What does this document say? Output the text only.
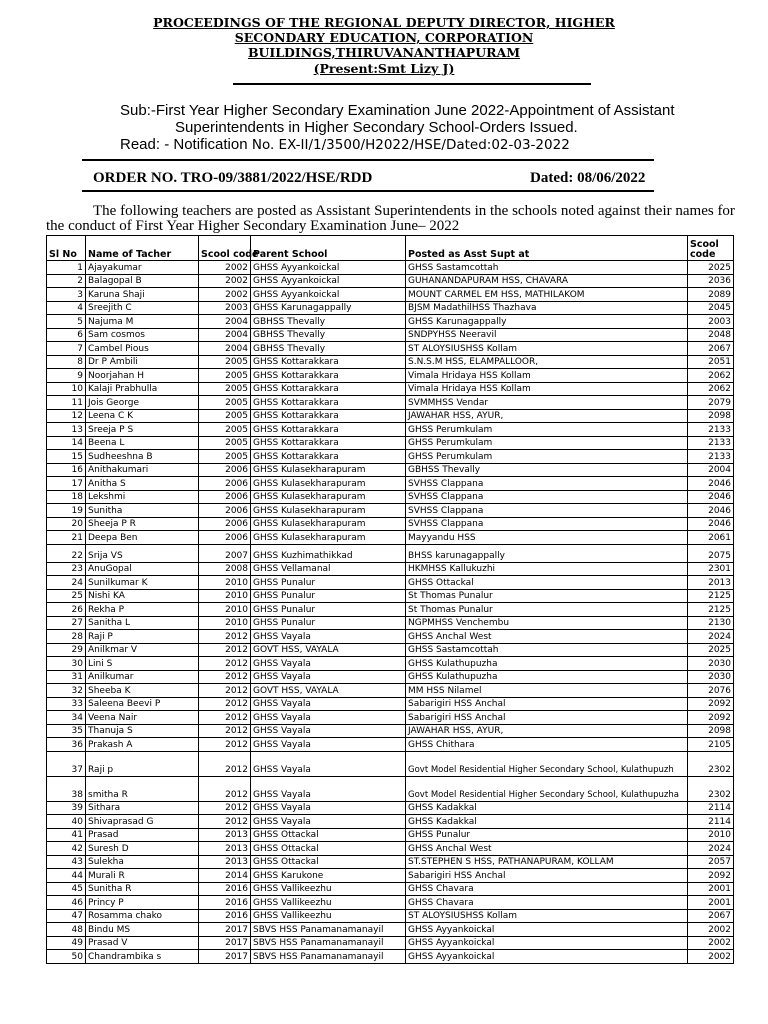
PROCEEDINGS OF THE REGIONAL DEPUTY DIRECTOR, HIGHER
SECONDARY EDUCATION, CORPORATION
BUILDINGS,THIRUVANANTHAPURAM
(Present:Smt Lizy J)
Sub:-First Year Higher Secondary Examination June 2022-Appointment of Assistant
Superintendents in Higher Secondary School-Orders Issued.
Read: - Notification No. EX-II/1/3500/H2022/HSE/Dated:02-03-2022
ORDER NO. TRO-09/3881/2022/HSE/RDD	Dated: 08/06/2022
The following teachers are posted as Assistant Superintendents in the schools noted against their names for the conduct of First Year Higher Secondary Examination June– 2022
Sl No	Name of Tacher	Scool code	Parent School	Posted as Asst Supt at	Scool code
1	Ajayakumar	2002	GHSS Ayyankoickal	GHSS Sastamcottah	2025
2	Balagopal B	2002	GHSS Ayyankoickal	GUHANANDAPURAM HSS, CHAVARA	2036
3	Karuna Shaji	2002	GHSS Ayyankoickal	MOUNT CARMEL EM HSS, MATHILAKOM	2089
4	Sreejith C	2003	GHSS Karunagappally	BJSM MadathilHSS Thazhava	2045
5	Najuma M	2004	GBHSS Thevally	GHSS Karunagappally	2003
6	Sam cosmos	2004	GBHSS Thevally	SNDPYHSS Neeravil	2048
7	Cambel Pious	2004	GBHSS Thevally	ST ALOYSIUSHSS Kollam	2067
8	Dr P Ambili	2005	GHSS Kottarakkara	S.N.S.M HSS, ELAMPALLOOR,	2051
9	Noorjahan H	2005	GHSS Kottarakkara	Vimala Hridaya HSS Kollam	2062
10	Kalaji Prabhulla	2005	GHSS Kottarakkara	Vimala Hridaya HSS Kollam	2062
11	Jois George	2005	GHSS Kottarakkara	SVMMHSS Vendar	2079
12	Leena C K	2005	GHSS Kottarakkara	JAWAHAR HSS, AYUR,	2098
13	Sreeja P S	2005	GHSS Kottarakkara	GHSS Perumkulam	2133
14	Beena L	2005	GHSS Kottarakkara	GHSS Perumkulam	2133
15	Sudheeshna B	2005	GHSS Kottarakkara	GHSS Perumkulam	2133
16	Anithakumari	2006	GHSS Kulasekharapuram	GBHSS Thevally	2004
17	Anitha S	2006	GHSS Kulasekharapuram	SVHSS Clappana	2046
18	Lekshmi	2006	GHSS Kulasekharapuram	SVHSS Clappana	2046
19	Sunitha	2006	GHSS Kulasekharapuram	SVHSS Clappana	2046
20	Sheeja P R	2006	GHSS Kulasekharapuram	SVHSS Clappana	2046
21	Deepa Ben	2006	GHSS Kulasekharapuram	Mayyandu HSS	2061
22	Srija VS	2007	GHSS Kuzhimathikkad	BHSS karunagappally	2075
23	AnuGopal	2008	GHSS Vellamanal	HKMHSS Kallukuzhi	2301
24	Sunilkumar K	2010	GHSS Punalur	GHSS Ottackal	2013
25	Nishi KA	2010	GHSS Punalur	St Thomas Punalur	2125
26	Rekha P	2010	GHSS Punalur	St Thomas Punalur	2125
27	Sanitha L	2010	GHSS Punalur	NGPMHSS Venchembu	2130
28	Raji P	2012	GHSS Vayala	GHSS Anchal West	2024
29	Anilkmar V	2012	GOVT HSS, VAYALA	GHSS Sastamcottah	2025
30	Lini S	2012	GHSS Vayala	GHSS Kulathupuzha	2030
31	Anilkumar	2012	GHSS Vayala	GHSS Kulathupuzha	2030
32	Sheeba K	2012	GOVT HSS, VAYALA	MM HSS Nilamel	2076
33	Saleena Beevi P	2012	GHSS Vayala	Sabarigiri HSS Anchal	2092
34	Veena Nair	2012	GHSS Vayala	Sabarigiri HSS Anchal	2092
35	Thanuja S	2012	GHSS Vayala	JAWAHAR HSS, AYUR,	2098
36	Prakash A	2012	GHSS Vayala	GHSS Chithara	2105
37	Raji p	2012	GHSS Vayala	Govt Model Residential Higher Secondary School, Kulathupuzh	2302
38	smitha R	2012	GHSS Vayala	Govt Model Residential Higher Secondary School, Kulathupuzha	2302
39	Sithara	2012	GHSS Vayala	GHSS Kadakkal	2114
40	Shivaprasad G	2012	GHSS Vayala	GHSS Kadakkal	2114
41	Prasad	2013	GHSS Ottackal	GHSS Punalur	2010
42	Suresh D	2013	GHSS Ottackal	GHSS Anchal West	2024
43	Sulekha	2013	GHSS Ottackal	ST.STEPHEN S HSS, PATHANAPURAM, KOLLAM	2057
44	Murali R	2014	GHSS Karukone	Sabarigiri HSS Anchal	2092
45	Sunitha R	2016	GHSS Vallikeezhu	GHSS Chavara	2001
46	Princy P	2016	GHSS Vallikeezhu	GHSS Chavara	2001
47	Rosamma chako	2016	GHSS Vallikeezhu	ST ALOYSIUSHSS Kollam	2067
48	Bindu MS	2017	SBVS HSS Panamanamanayil	GHSS Ayyankoickal	2002
49	Prasad V	2017	SBVS HSS Panamanamanayil	GHSS Ayyankoickal	2002
50	Chandrambika s	2017	SBVS HSS Panamanamanayil	GHSS Ayyankoickal	2002
